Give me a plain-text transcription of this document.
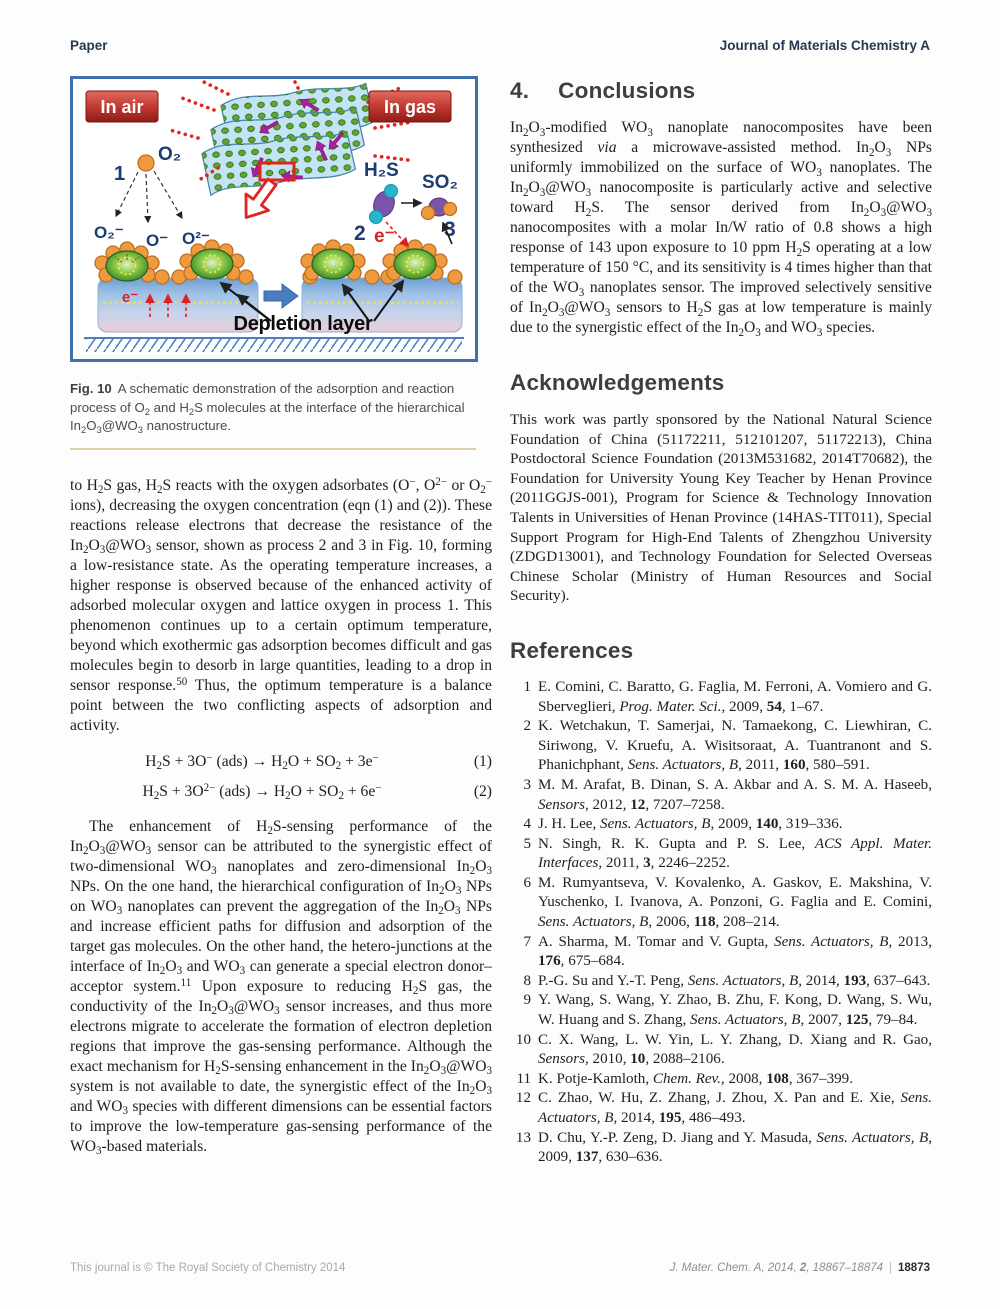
Paper	Journal of Materials Chemistry A
In air	In gas
O₂
1
O₂⁻ O⁻ O²⁻
H₂S
SO₂
2 e⁻ 3
e⁻
Depletion layer
Fig. 10 A schematic demonstration of the adsorption and reaction process of $O_2$ and $H_2S$ molecules at the interface of the hierarchical $In_2O_3@WO_3$ nanostructure.

to $H_2S$ gas, $H_2S$ reacts with the oxygen adsorbates (O−, $O^{2-}$ or $O_2^-$ ions), decreasing the oxygen concentration (eqn (1) and (2)). These reactions release electrons that decrease the resistance of the $In_2O_3@WO_3$ sensor, shown as process 2 and 3 in Fig. 10, forming a low-resistance state. As the operating temperature increases, a higher response is observed because of the enhanced activity of adsorbed molecular oxygen and lattice oxygen in process 1. This phenomenon continues up to a certain optimum temperature, beyond which exothermic gas adsorption becomes difficult and gas molecules begin to desorb in large quantities, leading to a drop in sensor response.$^{50}$ Thus, the optimum temperature is a balance point between the two conflicting aspects of adsorption and activity.

$H_2S + 3O^-$ $(ads) \to H_2O + SO_2 + 3e^-$	(1)
$H_2S + 3O^{2-}$ $(ads) \to H_2O + SO_2 + 6e^-$	(2)

The enhancement of $H_2S$-sensing performance of the $In_2O_3@WO_3$ sensor can be attributed to the synergistic effect of two-dimensional $WO_3$ nanoplates and zero-dimensional $In_2O_3$ NPs. On the one hand, the hierarchical configuration of $In_2O_3$ NPs on $WO_3$ nanoplates can prevent the aggregation of the $In_2O_3$ NPs and increase efficient paths for diffusion and adsorption of the target gas molecules. On the other hand, the hetero-junctions at the interface of $In_2O_3$ and $WO_3$ can generate a special electron donor–acceptor system.$^{11}$ Upon exposure to reducing $H_2S$ gas, the conductivity of the $In_2O_3@WO_3$ sensor increases, and thus more electrons migrate to accelerate the formation of electron depletion regions that improve the gas-sensing performance. Although the exact mechanism for $H_2S$-sensing enhancement in the $In_2O_3@WO_3$ system is not available to date, the synergistic effect of the $In_2O_3$ and $WO_3$ species with different dimensions can be essential factors to improve the low-temperature gas-sensing performance of the $WO_3$-based materials.

4. Conclusions

$In_2O_3$-modified $WO_3$ nanoplate nanocomposites have been synthesized via a microwave-assisted method. $In_2O_3$ NPs uniformly immobilized on the surface of $WO_3$ nanoplates. The $In_2O_3@WO_3$ nanocomposite is particularly active and selective toward $H_2S$. The sensor derived from $In_2O_3@WO_3$ nanocomposites with a molar In/W ratio of 0.8 shows a high response of 143 upon exposure to 10 ppm $H_2S$ operating at a low temperature of 150 °C, and its sensitivity is 4 times higher than that of the $WO_3$ nanoplates sensor. The improved selectively sensitive of $In_2O_3@WO_3$ sensors to $H_2S$ gas at low temperature is mainly due to the synergistic effect of the $In_2O_3$ and $WO_3$ species.

Acknowledgements

This work was partly sponsored by the National Natural Science Foundation of China (51172211, 512101207, 51172213), China Postdoctoral Science Foundation (2013M531682, 2014T70682), the Foundation for University Young Key Teacher by Henan Province (2011GGJS-001), Program for Science & Technology Innovation Talents in Universities of Henan Province (14HAS-TIT011), Special Support Program for High-End Talents of Zhengzhou University (ZDGD13001), and Technology Foundation for Selected Overseas Chinese Scholar (Ministry of Human Resources and Social Security).

References
1 E. Comini, C. Baratto, G. Faglia, M. Ferroni, A. Vomiero and G. Sberveglieri, Prog. Mater. Sci., 2009, 54, 1–67.
2 K. Wetchakun, T. Samerjai, N. Tamaekong, C. Liewhiran, C. Siriwong, V. Kruefu, A. Wisitsoraat, A. Tuantranont and S. Phanichphant, Sens. Actuators, B, 2011, 160, 580–591.
3 M. M. Arafat, B. Dinan, S. A. Akbar and A. S. M. A. Haseeb, Sensors, 2012, 12, 7207–7258.
4 J. H. Lee, Sens. Actuators, B, 2009, 140, 319–336.
5 N. Singh, R. K. Gupta and P. S. Lee, ACS Appl. Mater. Interfaces, 2011, 3, 2246–2252.
6 M. Rumyantseva, V. Kovalenko, A. Gaskov, E. Makshina, V. Yuschenko, I. Ivanova, A. Ponzoni, G. Faglia and E. Comini, Sens. Actuators, B, 2006, 118, 208–214.
7 A. Sharma, M. Tomar and V. Gupta, Sens. Actuators, B, 2013, 176, 675–684.
8 P.-G. Su and Y.-T. Peng, Sens. Actuators, B, 2014, 193, 637–643.
9 Y. Wang, S. Wang, Y. Zhao, B. Zhu, F. Kong, D. Wang, S. Wu, W. Huang and S. Zhang, Sens. Actuators, B, 2007, 125, 79–84.
10 C. X. Wang, L. W. Yin, L. Y. Zhang, D. Xiang and R. Gao, Sensors, 2010, 10, 2088–2106.
11 K. Potje-Kamloth, Chem. Rev., 2008, 108, 367–399.
12 C. Zhao, W. Hu, Z. Zhang, J. Zhou, X. Pan and E. Xie, Sens. Actuators, B, 2014, 195, 486–493.
13 D. Chu, Y.-P. Zeng, D. Jiang and Y. Masuda, Sens. Actuators, B, 2009, 137, 630–636.
This journal is © The Royal Society of Chemistry 2014	J. Mater. Chem. A, 2014, 2, 18867–18874 | 18873
